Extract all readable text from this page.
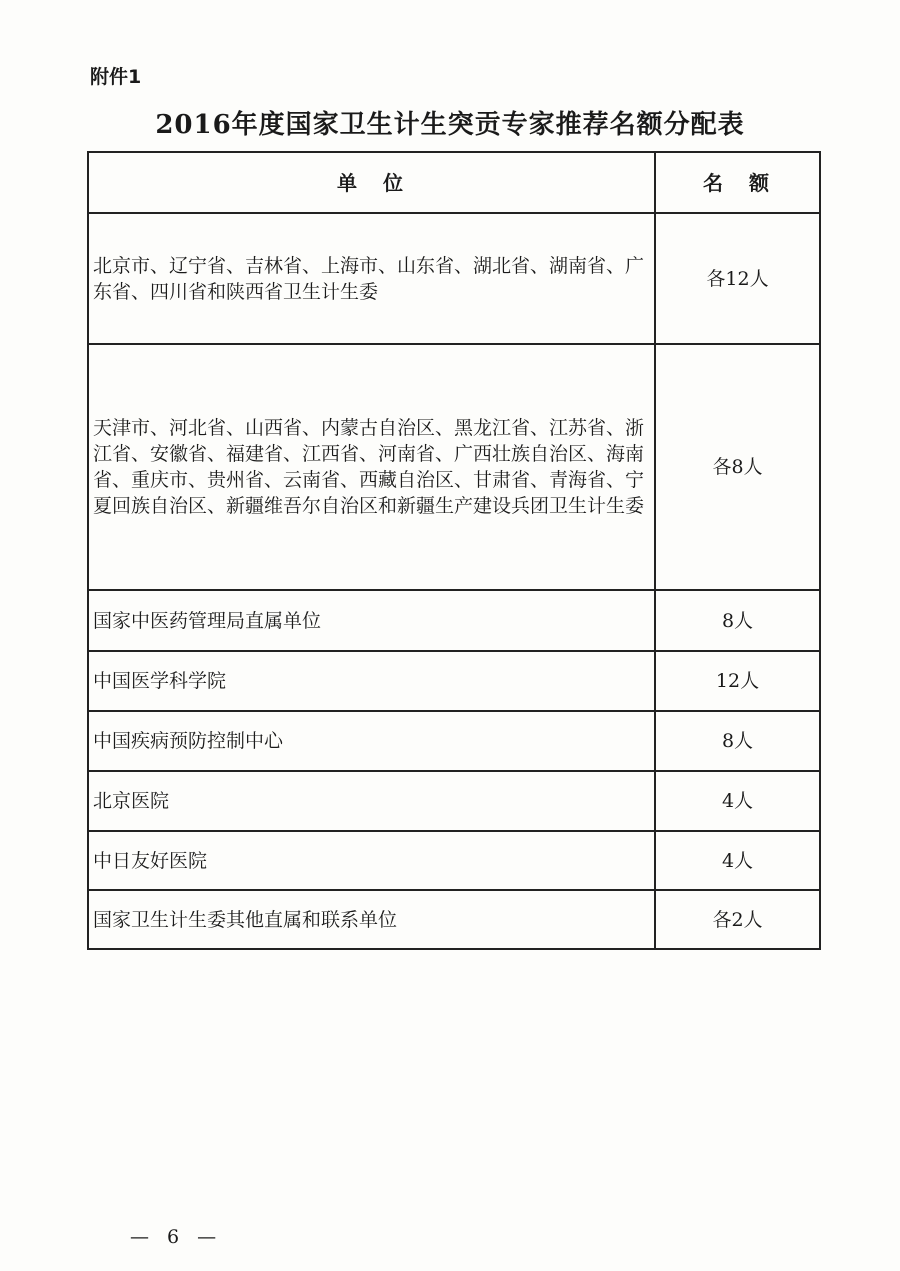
附件1
2016年度国家卫生计生突贡专家推荐名额分配表
单　位	名　额
北京市、辽宁省、吉林省、上海市、山东省、湖北省、湖南省、广东省、四川省和陕西省卫生计生委	各12人
天津市、河北省、山西省、内蒙古自治区、黑龙江省、江苏省、浙江省、安徽省、福建省、江西省、河南省、广西壮族自治区、海南省、重庆市、贵州省、云南省、西藏自治区、甘肃省、青海省、宁夏回族自治区、新疆维吾尔自治区和新疆生产建设兵团卫生计生委	各8人
国家中医药管理局直属单位	8人
中国医学科学院	12人
中国疾病预防控制中心	8人
北京医院	4人
中日友好医院	4人
国家卫生计生委其他直属和联系单位	各2人
— 6 —
